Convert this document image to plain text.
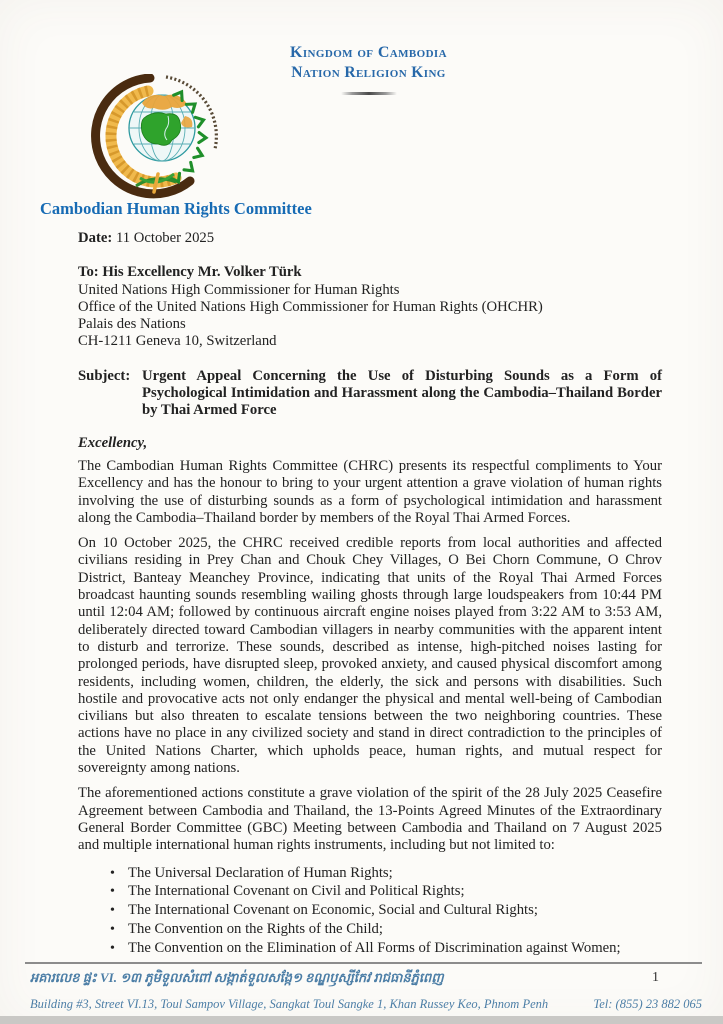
Kingdom of Cambodia
Nation Religion King
Cambodian Human Rights Committee

Date: 11 October 2025

To: His Excellency Mr. Volker Türk

United Nations High Commissioner for Human Rights

Office of the United Nations High Commissioner for Human Rights (OHCHR)

Palais des Nations

CH-1211 Geneva 10, Switzerland

Subject: Urgent Appeal Concerning the Use of Disturbing Sounds as a Form of Psychological Intimidation and Harassment along the Cambodia–Thailand Border by Thai Armed Force

Excellency,

The Cambodian Human Rights Committee (CHRC) presents its respectful compliments to Your Excellency and has the honour to bring to your urgent attention a grave violation of human rights involving the use of disturbing sounds as a form of psychological intimidation and harassment along the Cambodia–Thailand border by members of the Royal Thai Armed Forces.

On 10 October 2025, the CHRC received credible reports from local authorities and affected civilians residing in Prey Chan and Chouk Chey Villages, O Bei Chorn Commune, O Chrov District, Banteay Meanchey Province, indicating that units of the Royal Thai Armed Forces broadcast haunting sounds resembling wailing ghosts through large loudspeakers from 10:44 PM until 12:04 AM; followed by continuous aircraft engine noises played from 3:22 AM to 3:53 AM, deliberately directed toward Cambodian villagers in nearby communities with the apparent intent to disturb and terrorize. These sounds, described as intense, high-pitched noises lasting for prolonged periods, have disrupted sleep, provoked anxiety, and caused physical discomfort among residents, including women, children, the elderly, the sick and persons with disabilities. Such hostile and provocative acts not only endanger the physical and mental well-being of Cambodian civilians but also threaten to escalate tensions between the two neighboring countries. These actions have no place in any civilized society and stand in direct contradiction to the principles of the United Nations Charter, which upholds peace, human rights, and mutual respect for sovereignty among nations.

The aforementioned actions constitute a grave violation of the spirit of the 28 July 2025 Ceasefire Agreement between Cambodia and Thailand, the 13-Points Agreed Minutes of the Extraordinary General Border Committee (GBC) Meeting between Cambodia and Thailand on 7 August 2025 and multiple international human rights instruments, including but not limited to:

• The Universal Declaration of Human Rights;
• The International Covenant on Civil and Political Rights;
• The International Covenant on Economic, Social and Cultural Rights;
• The Convention on the Rights of the Child;
• The Convention on the Elimination of All Forms of Discrimination against Women;
អគារលេខ ផ្ទះ VI. ១៣ ភូមិទួលសំពៅ សង្កាត់ទួលសង្កែ១ ខណ្ឌឫស្សីកែវ រាជធានីភ្នំពេញ	1
Building #3, Street VI.13, Toul Sampov Village, Sangkat Toul Sangke 1, Khan Russey Keo, Phnom Penh	Tel: (855) 23 882 065
